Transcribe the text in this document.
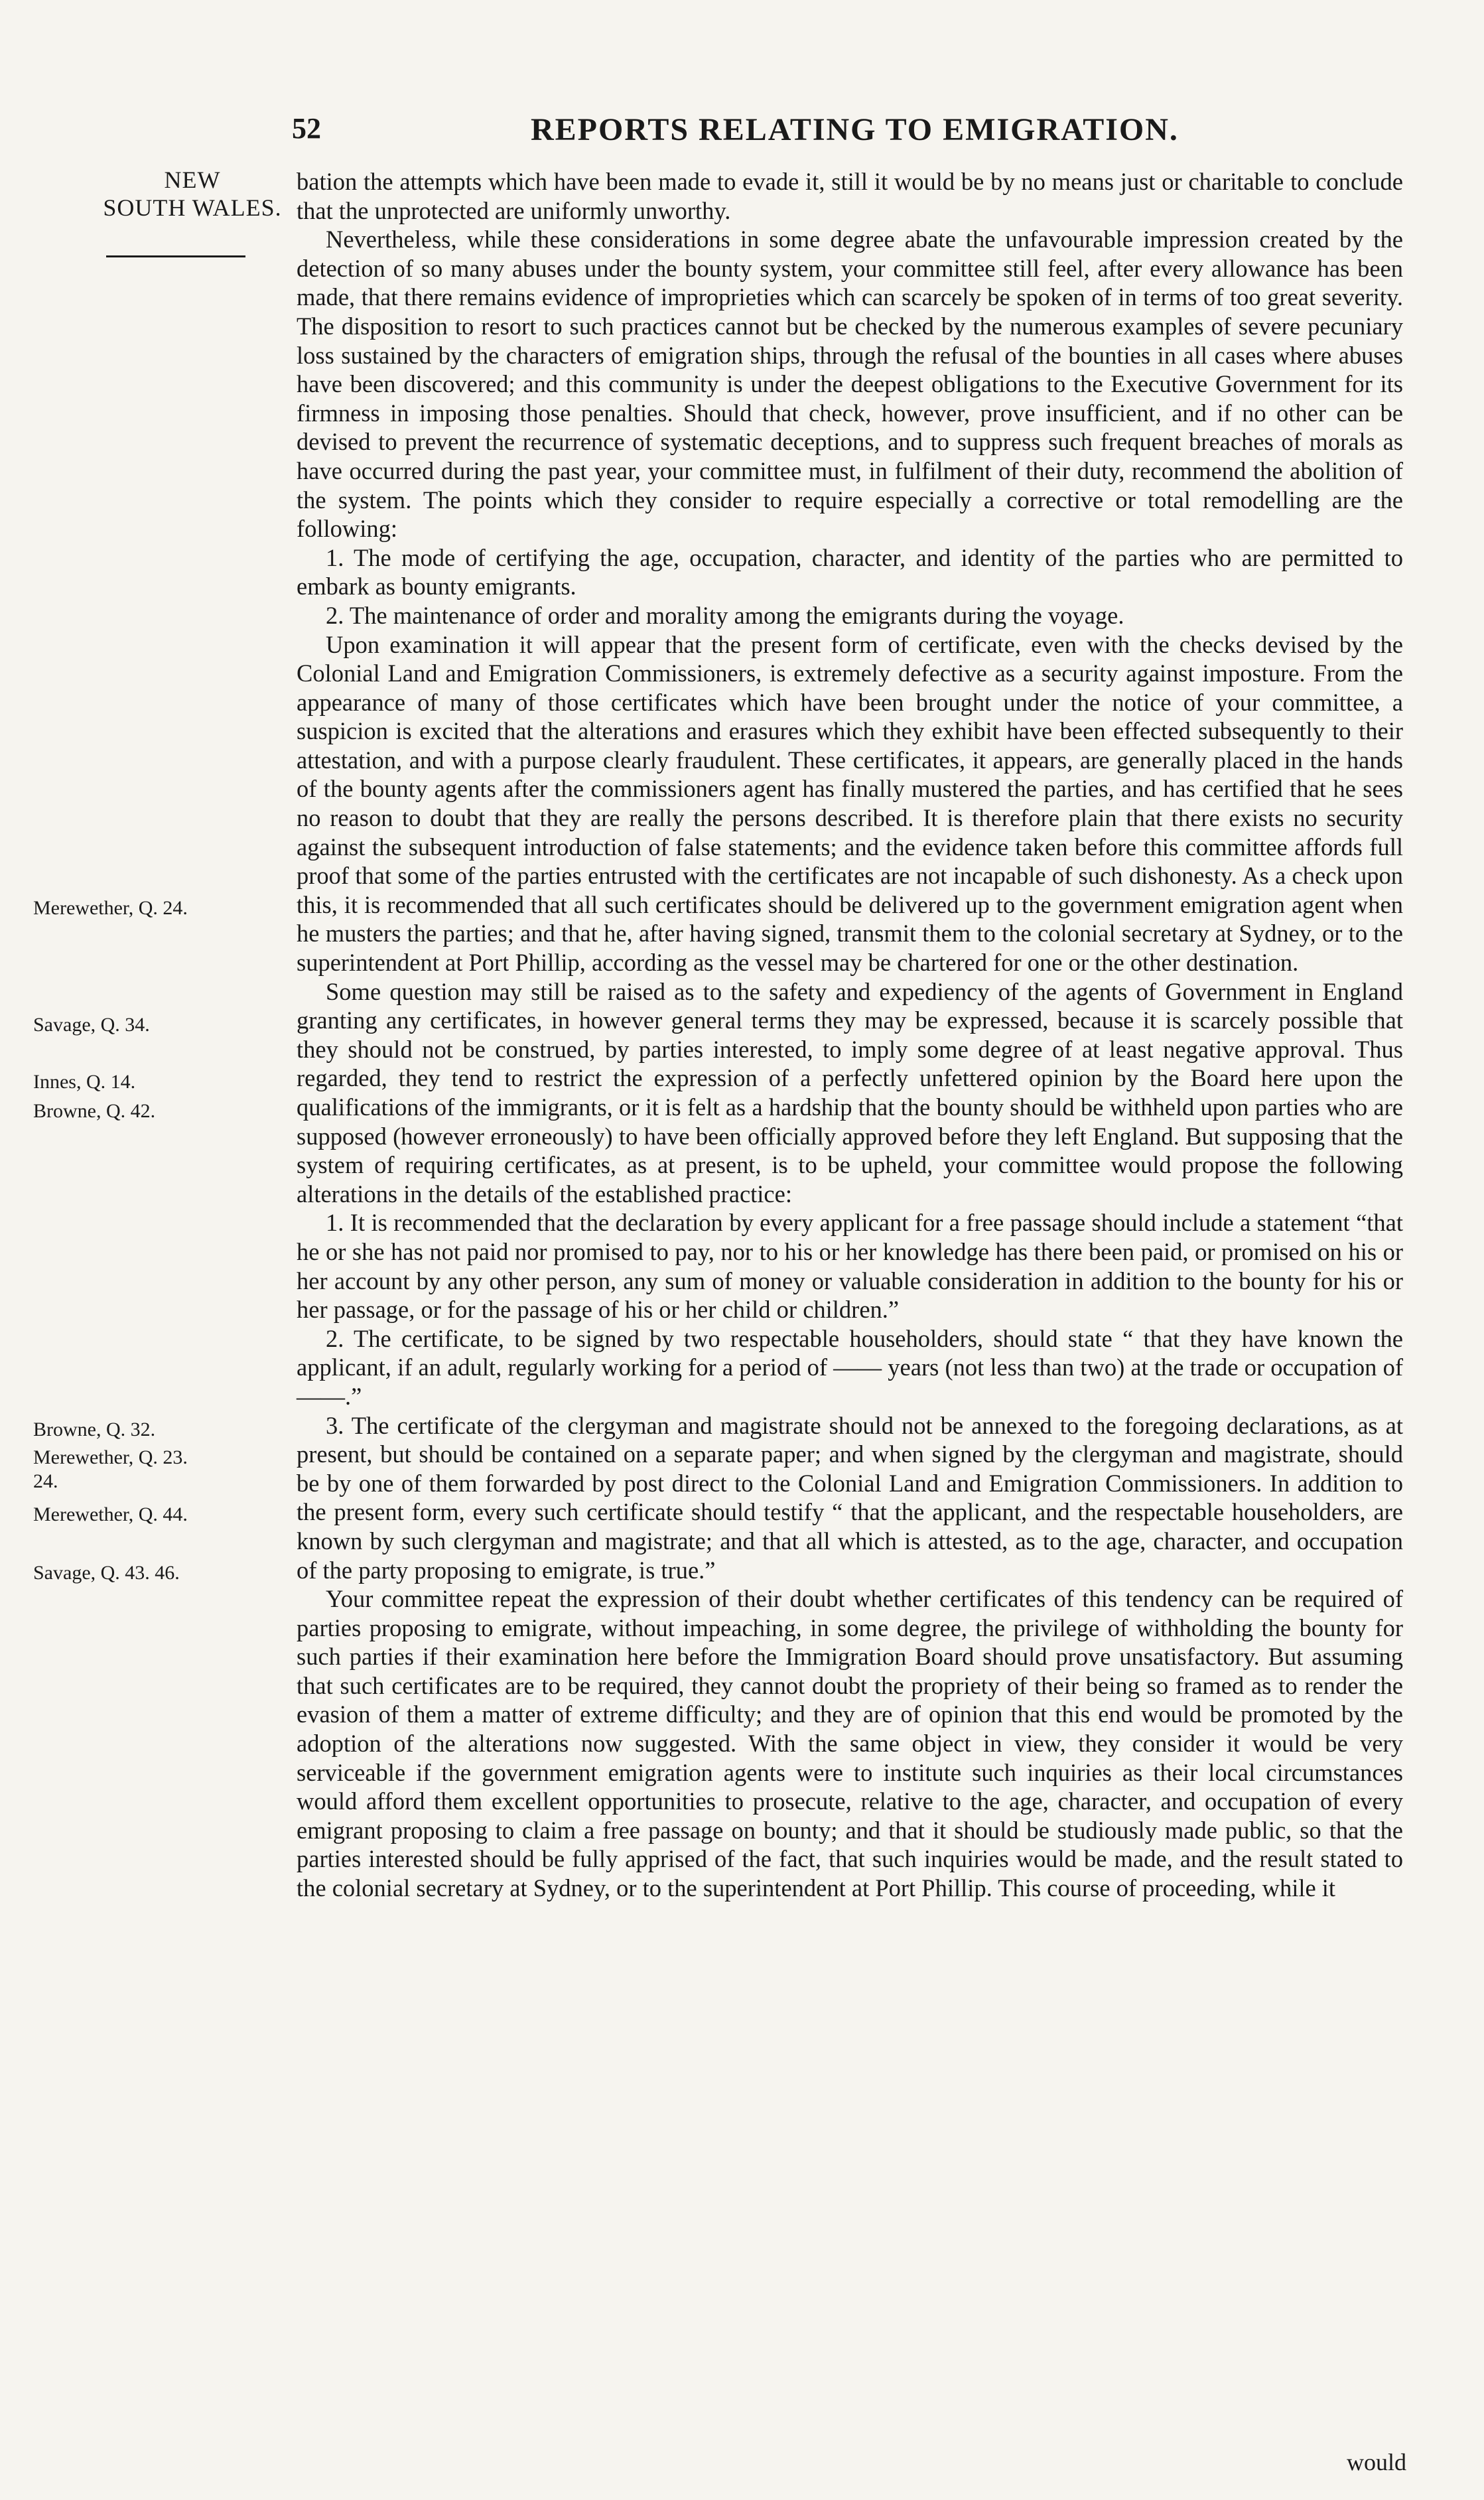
52	REPORTS RELATING TO EMIGRATION.
NEW
SOUTH WALES.
Merewether, Q. 24.
Savage, Q. 34.
Innes, Q. 14.
Browne, Q. 42.
Browne, Q. 32.
Merewether, Q. 23.
24.
Merewether, Q. 44.
Savage, Q. 43. 46.

bation the attempts which have been made to evade it, still it would be by no means just or charitable to conclude that the unprotected are uniformly unworthy.

Nevertheless, while these considerations in some degree abate the unfavourable impression created by the detection of so many abuses under the bounty system, your committee still feel, after every allowance has been made, that there remains evidence of improprieties which can scarcely be spoken of in terms of too great severity. The disposition to resort to such practices cannot but be checked by the numerous examples of severe pecuniary loss sustained by the characters of emigration ships, through the refusal of the bounties in all cases where abuses have been discovered; and this community is under the deepest obligations to the Executive Government for its firmness in imposing those penalties. Should that check, however, prove insufficient, and if no other can be devised to prevent the recurrence of systematic deceptions, and to suppress such frequent breaches of morals as have occurred during the past year, your committee must, in fulfilment of their duty, recommend the abolition of the system. The points which they consider to require especially a corrective or total remodelling are the following:

1. The mode of certifying the age, occupation, character, and identity of the parties who are permitted to embark as bounty emigrants.

2. The maintenance of order and morality among the emigrants during the voyage.

Upon examination it will appear that the present form of certificate, even with the checks devised by the Colonial Land and Emigration Commissioners, is extremely defective as a security against imposture. From the appearance of many of those certificates which have been brought under the notice of your committee, a suspicion is excited that the alterations and erasures which they exhibit have been effected subsequently to their attestation, and with a purpose clearly fraudulent. These certificates, it appears, are generally placed in the hands of the bounty agents after the commissioners agent has finally mustered the parties, and has certified that he sees no reason to doubt that they are really the persons described. It is therefore plain that there exists no security against the subsequent introduction of false statements; and the evidence taken before this committee affords full proof that some of the parties entrusted with the certificates are not incapable of such dishonesty. As a check upon this, it is recommended that all such certificates should be delivered up to the government emigration agent when he musters the parties; and that he, after having signed, transmit them to the colonial secretary at Sydney, or to the superintendent at Port Phillip, according as the vessel may be chartered for one or the other destination.

Some question may still be raised as to the safety and expediency of the agents of Government in England granting any certificates, in however general terms they may be expressed, because it is scarcely possible that they should not be construed, by parties interested, to imply some degree of at least negative approval. Thus regarded, they tend to restrict the expression of a perfectly unfettered opinion by the Board here upon the qualifications of the immigrants, or it is felt as a hardship that the bounty should be withheld upon parties who are supposed (however erroneously) to have been officially approved before they left England. But supposing that the system of requiring certificates, as at present, is to be upheld, your committee would propose the following alterations in the details of the established practice:

1. It is recommended that the declaration by every applicant for a free passage should include a statement “that he or she has not paid nor promised to pay, nor to his or her knowledge has there been paid, or promised on his or her account by any other person, any sum of money or valuable consideration in addition to the bounty for his or her passage, or for the passage of his or her child or children.”

2. The certificate, to be signed by two respectable householders, should state “ that they have known the applicant, if an adult, regularly working for a period of —— years (not less than two) at the trade or occupation of ——.”

3. The certificate of the clergyman and magistrate should not be annexed to the foregoing declarations, as at present, but should be contained on a separate paper; and when signed by the clergyman and magistrate, should be by one of them forwarded by post direct to the Colonial Land and Emigration Commissioners. In addition to the present form, every such certificate should testify “ that the applicant, and the respectable householders, are known by such clergyman and magistrate; and that all which is attested, as to the age, character, and occupation of the party proposing to emigrate, is true.”

Your committee repeat the expression of their doubt whether certificates of this tendency can be required of parties proposing to emigrate, without impeaching, in some degree, the privilege of withholding the bounty for such parties if their examination here before the Immigration Board should prove unsatisfactory. But assuming that such certificates are to be required, they cannot doubt the propriety of their being so framed as to render the evasion of them a matter of extreme difficulty; and they are of opinion that this end would be promoted by the adoption of the alterations now suggested. With the same object in view, they consider it would be very serviceable if the government emigration agents were to institute such inquiries as their local circumstances would afford them excellent opportunities to prosecute, relative to the age, character, and occupation of every emigrant proposing to claim a free passage on bounty; and that it should be studiously made public, so that the parties interested should be fully apprised of the fact, that such inquiries would be made, and the result stated to the colonial secretary at Sydney, or to the superintendent at Port Phillip. This course of proceeding, while it

would
